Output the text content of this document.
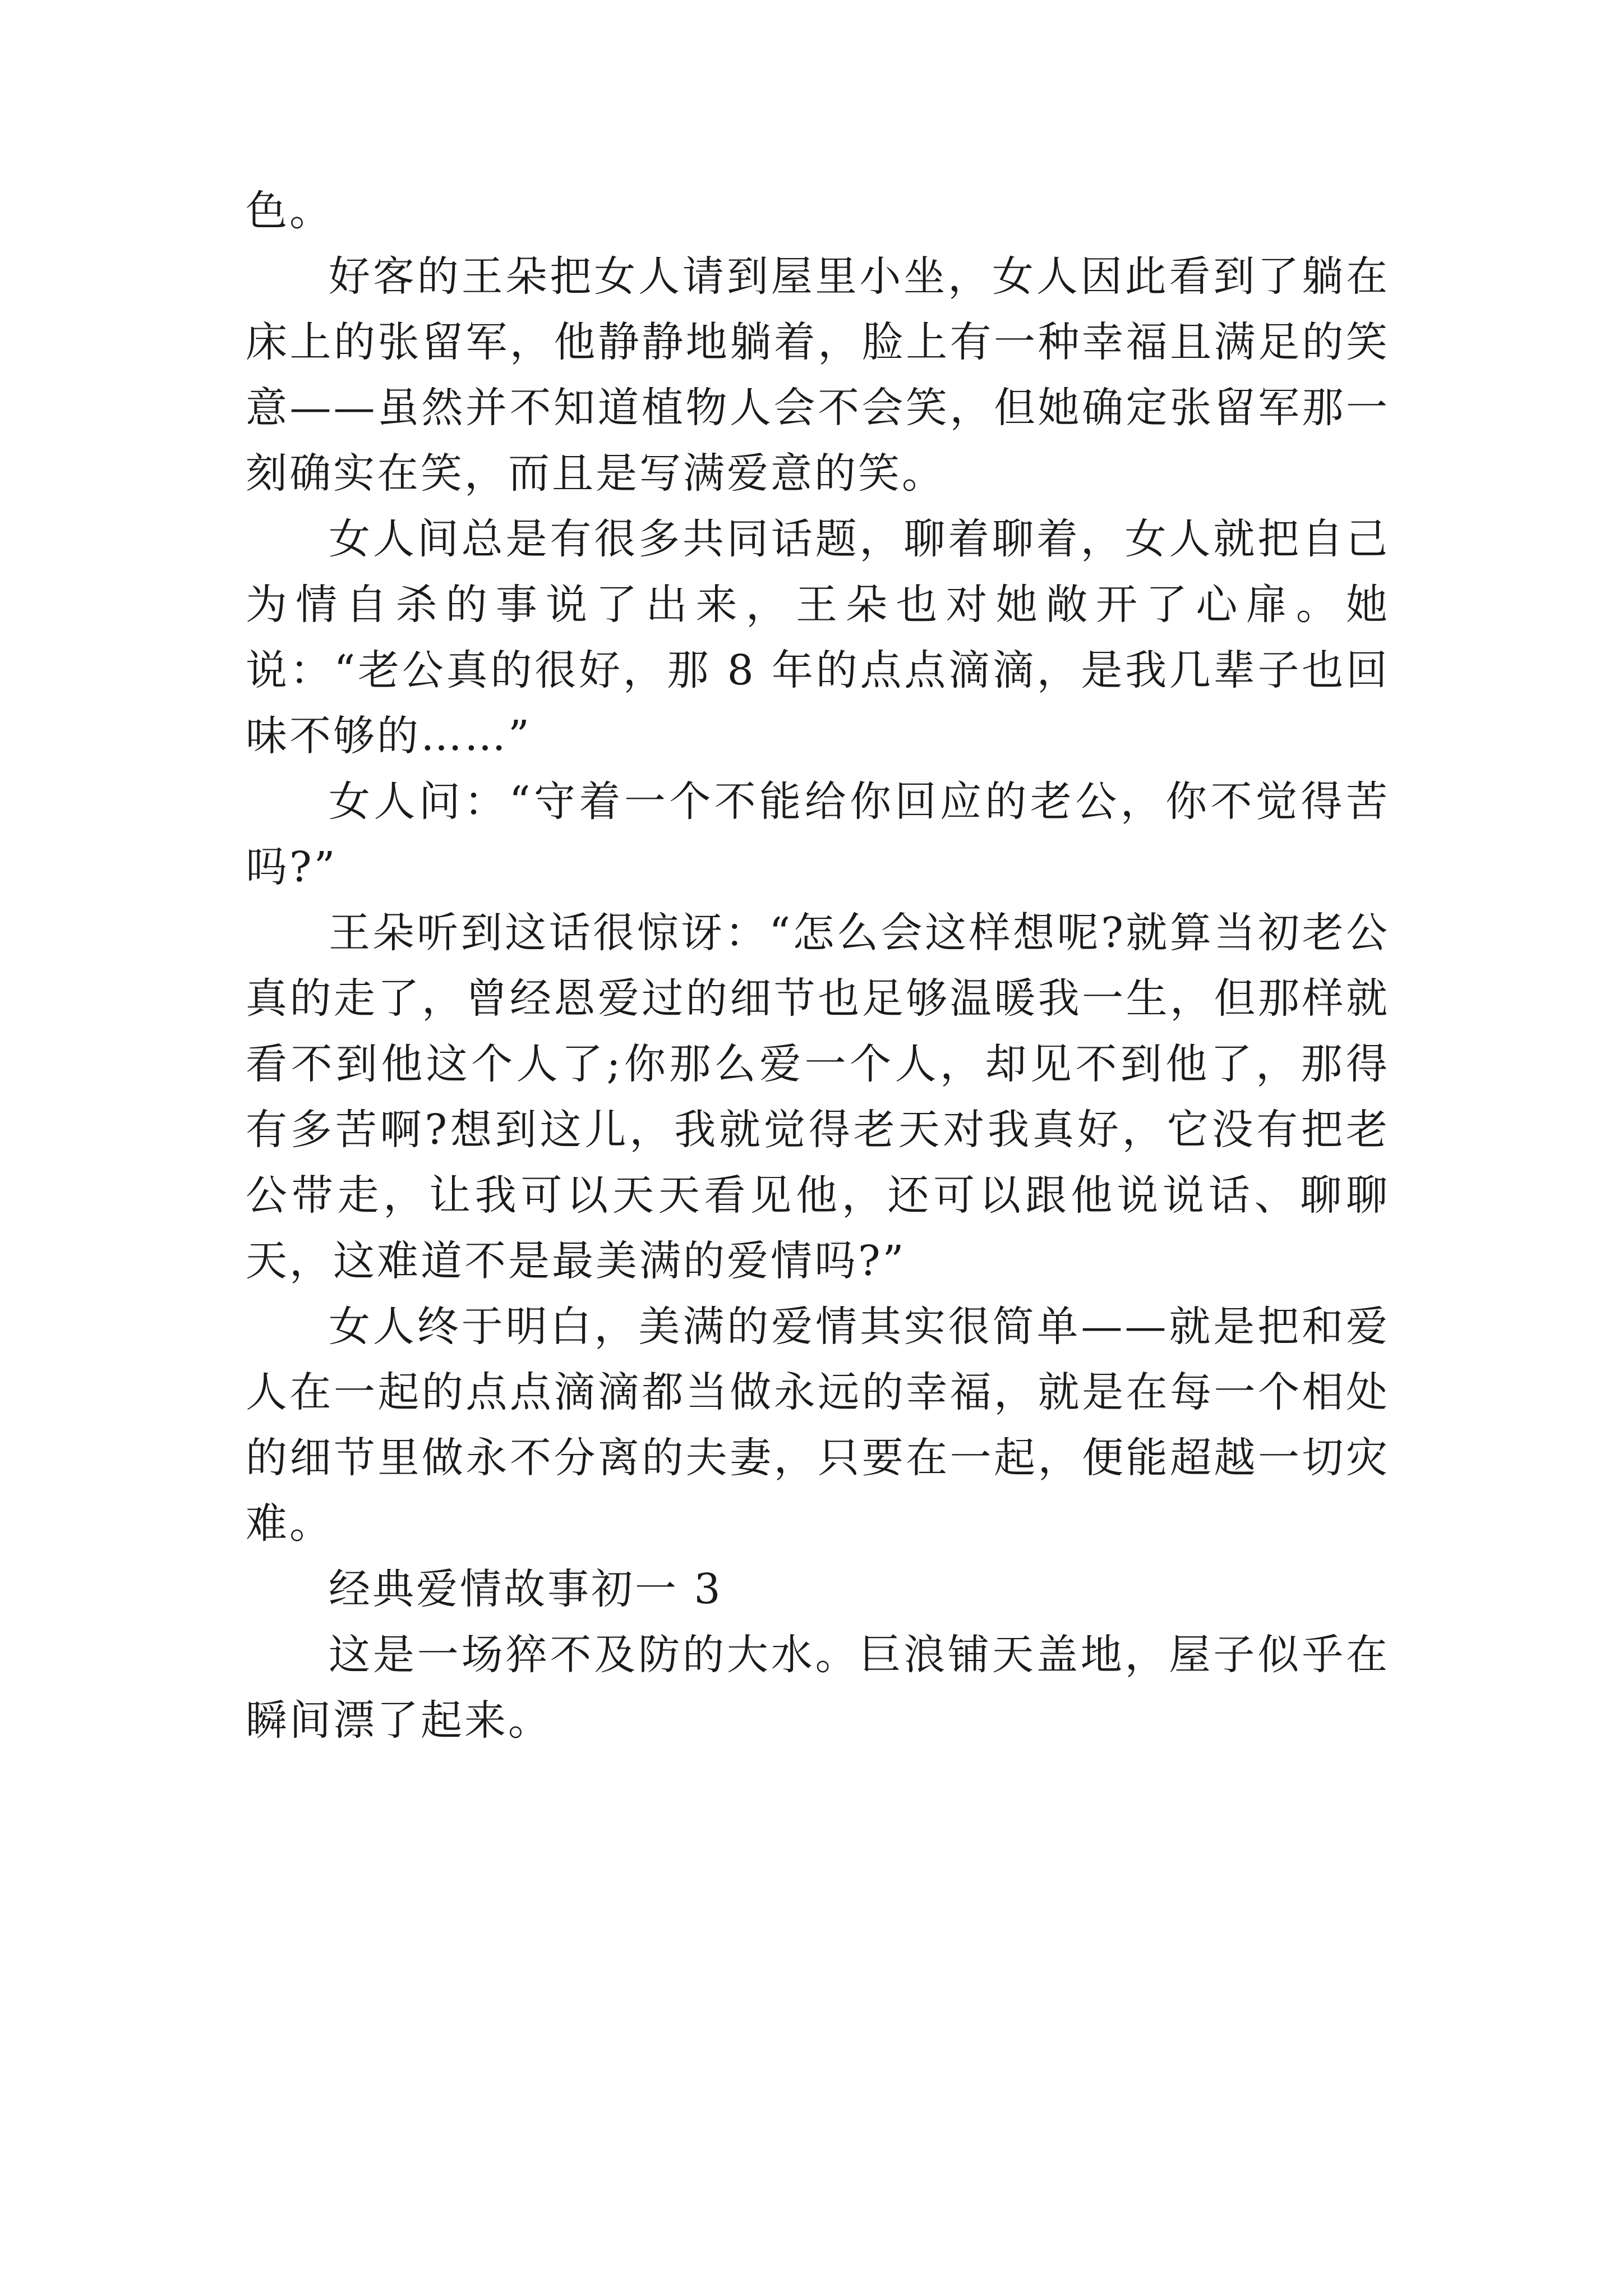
色。

好客的王朵把女人请到屋里小坐，女人因此看到了躺在床上的张留军，他静静地躺着，脸上有一种幸福且满足的笑意——虽然并不知道植物人会不会笑，但她确定张留军那一刻确实在笑，而且是写满爱意的笑。

女人间总是有很多共同话题，聊着聊着，女人就把自己为情自杀的事说了出来，王朵也对她敞开了心扉。她说：“老公真的很好，那 8 年的点点滴滴，是我几辈子也回味不够的……”

女人问：“守着一个不能给你回应的老公，你不觉得苦吗?”

王朵听到这话很惊讶：“怎么会这样想呢?就算当初老公真的走了，曾经恩爱过的细节也足够温暖我一生，但那样就看不到他这个人了;你那么爱一个人，却见不到他了，那得有多苦啊?想到这儿，我就觉得老天对我真好，它没有把老公带走，让我可以天天看见他，还可以跟他说说话、聊聊天，这难道不是最美满的爱情吗?”

女人终于明白，美满的爱情其实很简单——就是把和爱人在一起的点点滴滴都当做永远的幸福，就是在每一个相处的细节里做永不分离的夫妻，只要在一起，便能超越一切灾难。

经典爱情故事初一 3

这是一场猝不及防的大水。巨浪铺天盖地，屋子似乎在瞬间漂了起来。
